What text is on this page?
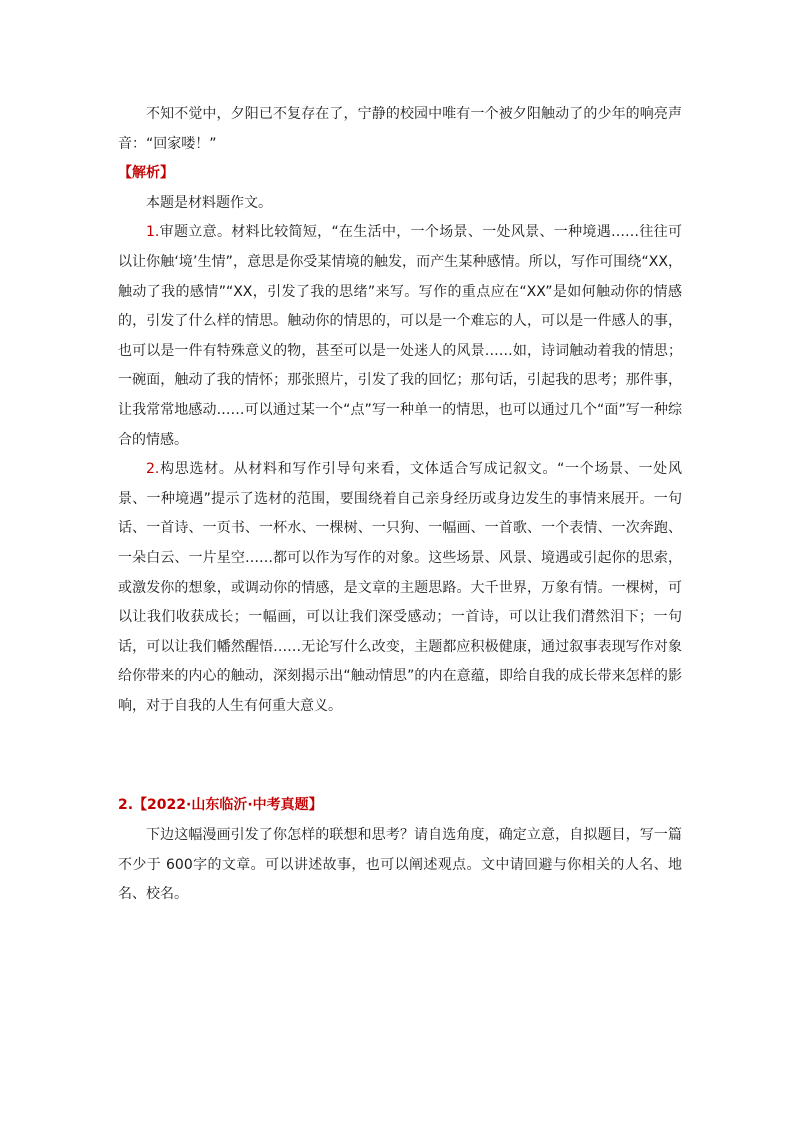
不知不觉中，夕阳已不复存在了，宁静的校园中唯有一个被夕阳触动了的少年的响亮声音：“回家喽！”

【解析】

本题是材料题作文。

1.审题立意。材料比较简短，“在生活中，一个场景、一处风景、一种境遇……往往可以让你触‘境’生情”，意思是你受某情境的触发，而产生某种感情。所以，写作可围绕“XX，触动了我的感情”“XX，引发了我的思绪”来写。写作的重点应在“XX”是如何触动你的情感的，引发了什么样的情思。触动你的情思的，可以是一个难忘的人，可以是一件感人的事，也可以是一件有特殊意义的物，甚至可以是一处迷人的风景……如，诗词触动着我的情思；一碗面，触动了我的情怀；那张照片，引发了我的回忆；那句话，引起我的思考；那件事，让我常常地感动……可以通过某一个“点”写一种单一的情思，也可以通过几个“面”写一种综合的情感。

2.构思选材。从材料和写作引导句来看，文体适合写成记叙文。“一个场景、一处风景、一种境遇”提示了选材的范围，要围绕着自己亲身经历或身边发生的事情来展开。一句话、一首诗、一页书、一杯水、一棵树、一只狗、一幅画、一首歌、一个表情、一次奔跑、一朵白云、一片星空……都可以作为写作的对象。这些场景、风景、境遇或引起你的思索，或激发你的想象，或调动你的情感，是文章的主题思路。大千世界，万象有情。一棵树，可以让我们收获成长；一幅画，可以让我们深受感动；一首诗，可以让我们潸然泪下；一句话，可以让我们幡然醒悟……无论写什么改变，主题都应积极健康，通过叙事表现写作对象给你带来的内心的触动，深刻揭示出“触动情思”的内在意蕴，即给自我的成长带来怎样的影响，对于自我的人生有何重大意义。

2.【2022·山东临沂·中考真题】

下边这幅漫画引发了你怎样的联想和思考？请自选角度，确定立意，自拟题目，写一篇不少于 600字的文章。可以讲述故事，也可以阐述观点。文中请回避与你相关的人名、地名、校名。
